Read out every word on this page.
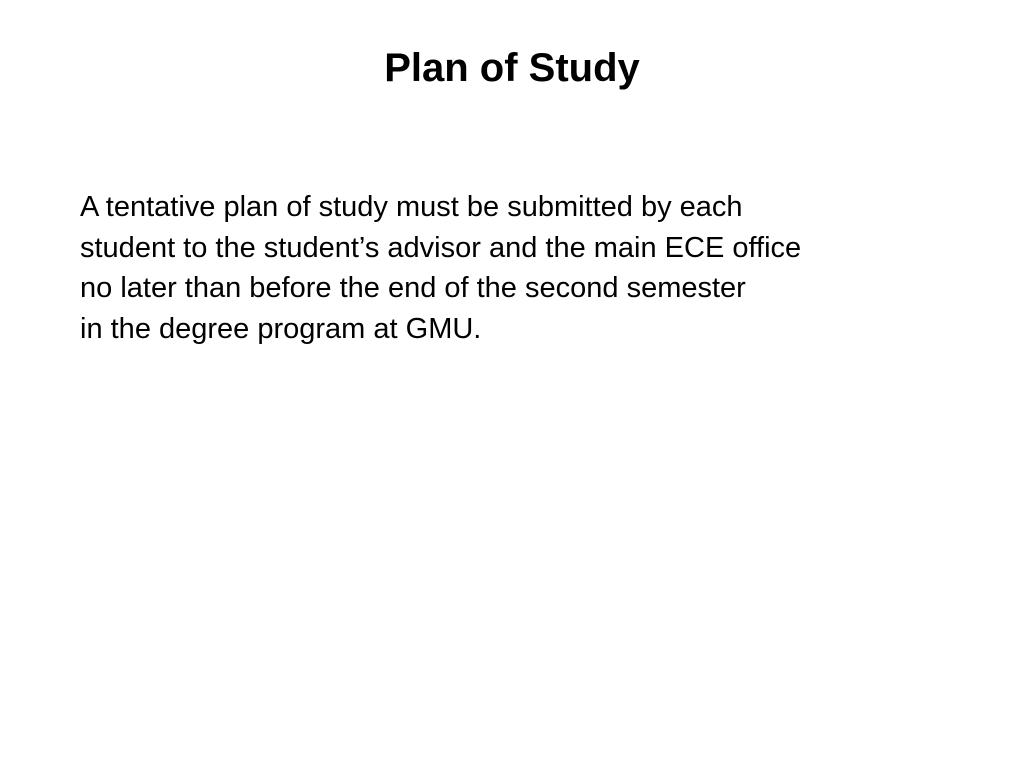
Plan of Study
A tentative plan of study must be submitted by each
student to the student’s advisor and the main ECE office
no later than before the end of the second semester
in the degree program at GMU.
